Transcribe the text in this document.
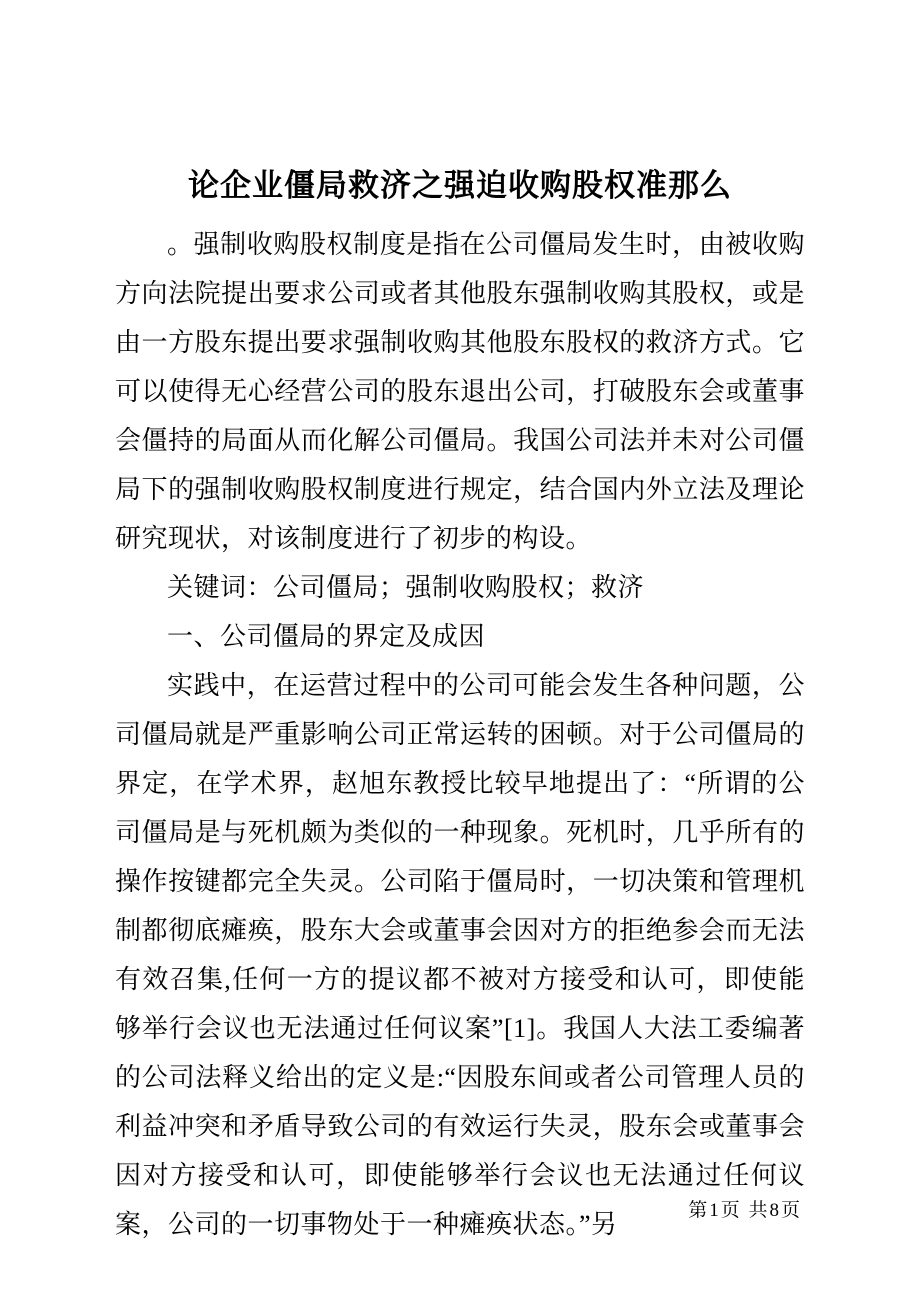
论企业僵局救济之强迫收购股权准那么

。强制收购股权制度是指在公司僵局发生时，由被收购方向法院提出要求公司或者其他股东强制收购其股权，或是由一方股东提出要求强制收购其他股东股权的救济方式。它可以使得无心经营公司的股东退出公司，打破股东会或董事会僵持的局面从而化解公司僵局。我国公司法并未对公司僵局下的强制收购股权制度进行规定，结合国内外立法及理论研究现状，对该制度进行了初步的构设。

关键词：公司僵局；强制收购股权；救济

一、公司僵局的界定及成因

实践中，在运营过程中的公司可能会发生各种问题，公司僵局就是严重影响公司正常运转的困顿。对于公司僵局的界定，在学术界，赵旭东教授比较早地提出了：“所谓的公司僵局是与死机颇为类似的一种现象。死机时，几乎所有的操作按键都完全失灵。公司陷于僵局时，一切决策和管理机制都彻底瘫痪，股东大会或董事会因对方的拒绝参会而无法有效召集,任何一方的提议都不被对方接受和认可，即使能够举行会议也无法通过任何议案”[1]。我国人大法工委编著的公司法释义给出的定义是:“因股东间或者公司管理人员的利益冲突和矛盾导致公司的有效运行失灵，股东会或董事会因对方接受和认可，即使能够举行会议也无法通过任何议案，公司的一切事物处于一种瘫痪状态。”另	第1页 共8页
